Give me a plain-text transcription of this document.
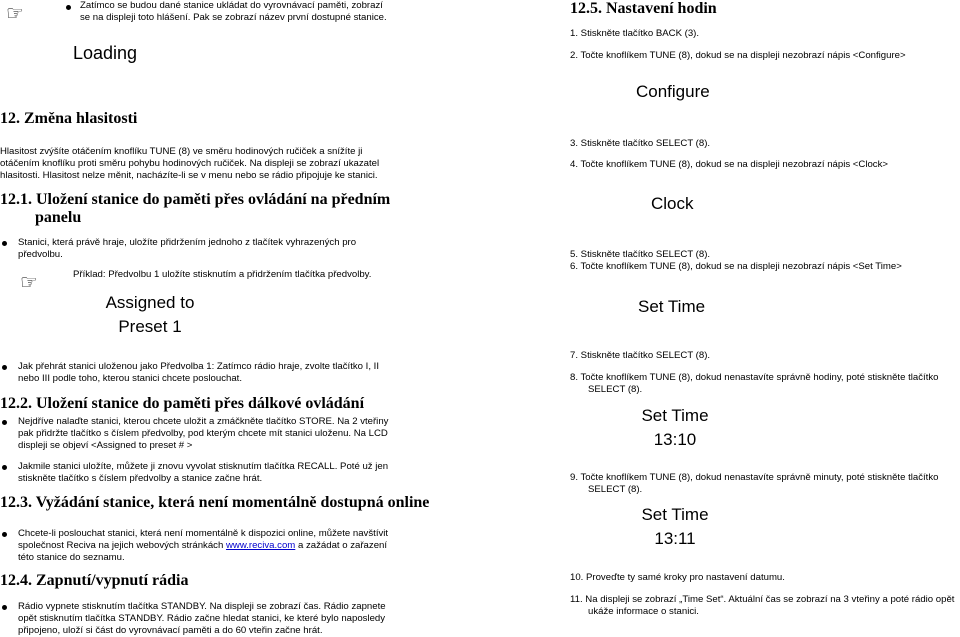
☞	Zatímco se budou dané stanice ukládat do vyrovnávací paměti, zobrazí
se na displeji toto hlášení. Pak se zobrazí název první dostupné stanice.
Loading
12. Změna hlasitosti
Hlasitost zvýšíte otáčením knoflíku TUNE (8) ve směru hodinových ručiček a snížíte ji
otáčením knoflíku proti směru pohybu hodinových ručiček. Na displeji se zobrazí ukazatel
hlasitosti. Hlasitost nelze měnit, nacházíte-li se v menu nebo se rádio připojuje ke stanici.
12.1. Uložení stanice do paměti přes ovládání na předním
panelu
Stanici, která právě hraje, uložíte přidržením jednoho z tlačítek vyhrazených pro
předvolbu.
☞	Příklad: Předvolbu 1 uložíte stisknutím a přidržením tlačítka předvolby.
Assigned to
Preset 1
Jak přehrát stanici uloženou jako Předvolba 1: Zatímco rádio hraje, zvolte tlačítko I, II
nebo III podle toho, kterou stanici chcete poslouchat.
12.2. Uložení stanice do paměti přes dálkové ovládání
Nejdříve nalaďte stanici, kterou chcete uložit a zmáčkněte tlačítko STORE. Na 2 vteřiny
pak přidržte tlačítko s číslem předvolby, pod kterým chcete mít stanici uloženu. Na LCD
displeji se objeví <Assigned to preset # >
Jakmile stanici uložíte, můžete ji znovu vyvolat stisknutím tlačítka RECALL. Poté už jen
stiskněte tlačítko s číslem předvolby a stanice začne hrát.
12.3. Vyžádání stanice, která není momentálně dostupná online
Chcete-li poslouchat stanici, která není momentálně k dispozici online, můžete navštívit
společnost Reciva na jejich webových stránkách www.reciva.com a zažádat o zařazení
této stanice do seznamu.
12.4. Zapnutí/vypnutí rádia
Rádio vypnete stisknutím tlačítka STANDBY. Na displeji se zobrazí čas. Rádio zapnete
opět stisknutím tlačítka STANDBY. Rádio začne hledat stanici, ke které bylo naposledy
připojeno, uloží si část do vyrovnávací paměti a do 60 vteřin začne hrát.
12.5. Nastavení hodin
1. Stiskněte tlačítko BACK (3).
2. Točte knoflíkem TUNE (8), dokud se na displeji nezobrazí nápis <Configure>
Configure
3. Stiskněte tlačítko SELECT (8).
4. Točte knoflíkem TUNE (8), dokud se na displeji nezobrazí nápis <Clock>
Clock
5. Stiskněte tlačítko SELECT (8).
6. Točte knoflíkem TUNE (8), dokud se na displeji nezobrazí nápis <Set Time>
Set Time
7. Stiskněte tlačítko SELECT (8).
8. Točte knoflíkem TUNE (8), dokud nenastavíte správně hodiny, poté stiskněte tlačítko
SELECT (8).
Set Time
13:10
9. Točte knoflíkem TUNE (8), dokud nenastavíte správně minuty, poté stiskněte tlačítko
SELECT (8).
Set Time
13:11
10. Proveďte ty samé kroky pro nastavení datumu.
11. Na displeji se zobrazí „Time Set“. Aktuální čas se zobrazí na 3 vteřiny a poté rádio opět
ukáže informace o stanici.
